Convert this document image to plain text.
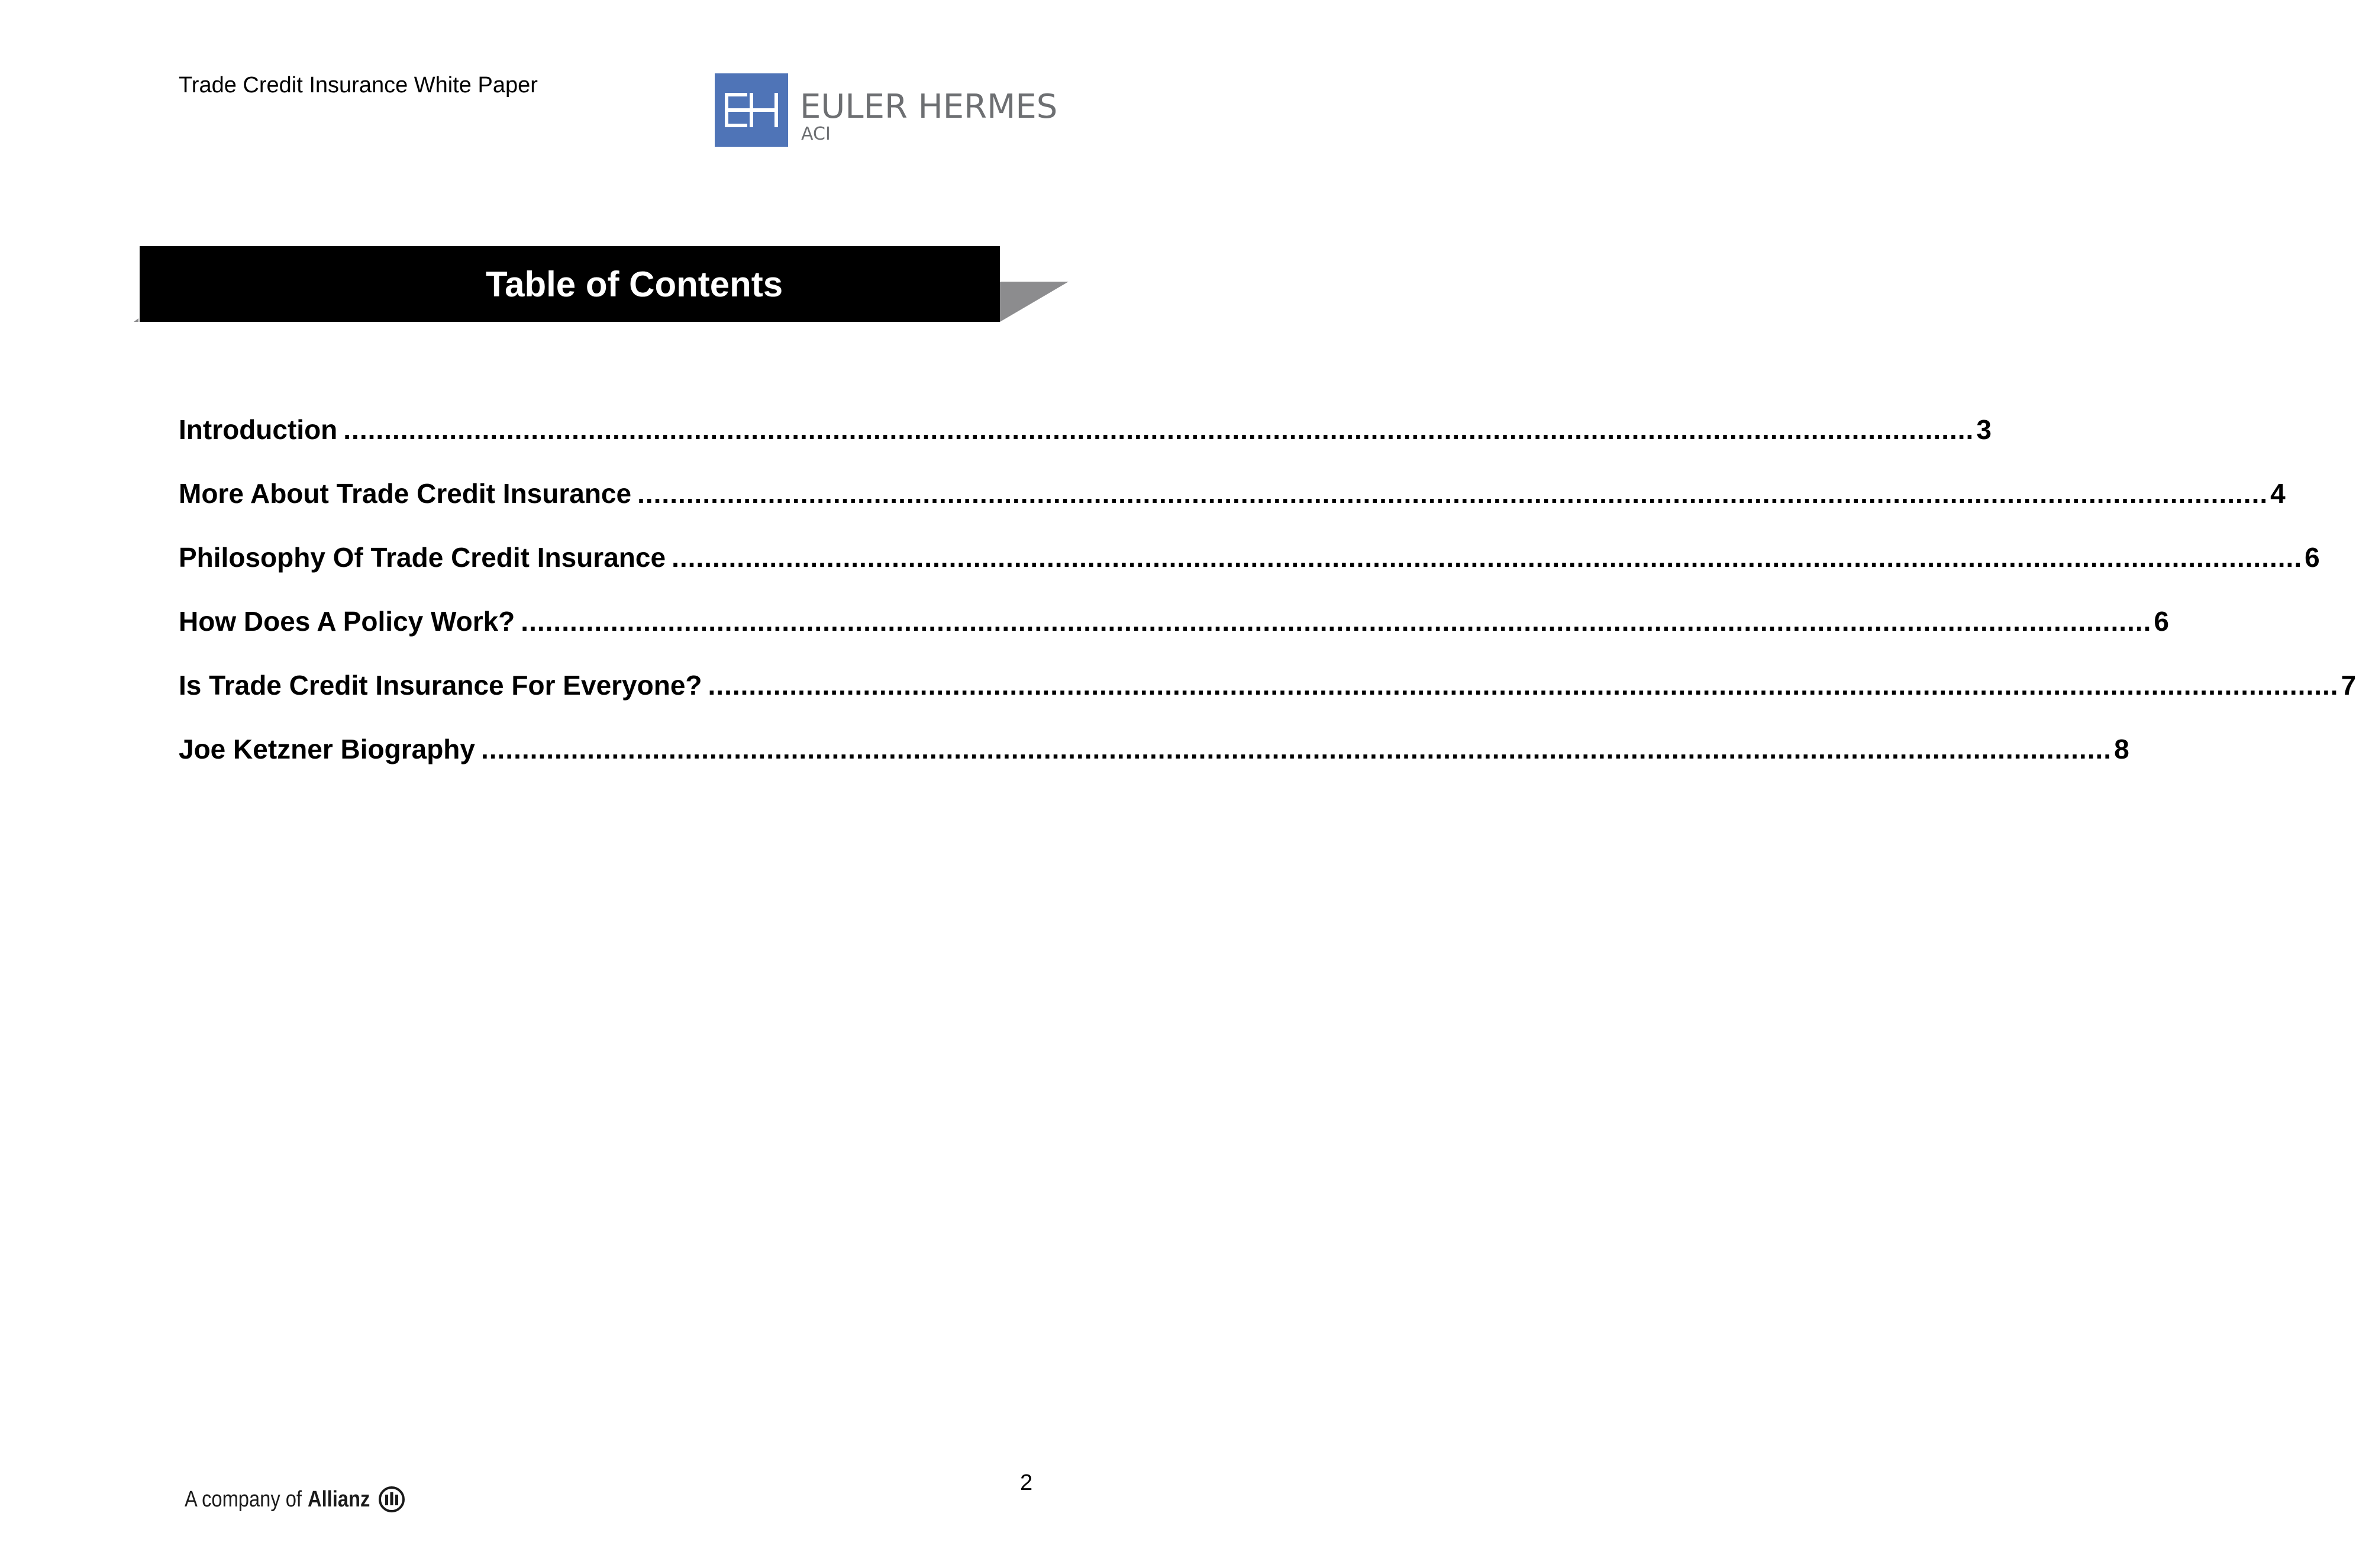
Trade Credit Insurance White Paper
EULER HERMES
ACI
Table of Contents
Introduction ........................................................................................................................................................................................................ 3
More About Trade Credit Insurance ........................................................................................................................................................................................................ 4
Philosophy Of Trade Credit Insurance ........................................................................................................................................................................................................ 6
How Does A Policy Work? ........................................................................................................................................................................................................ 6
Is Trade Credit Insurance For Everyone? ........................................................................................................................................................................................................ 7
Joe Ketzner Biography ........................................................................................................................................................................................................ 8
A company of Allianz
2
